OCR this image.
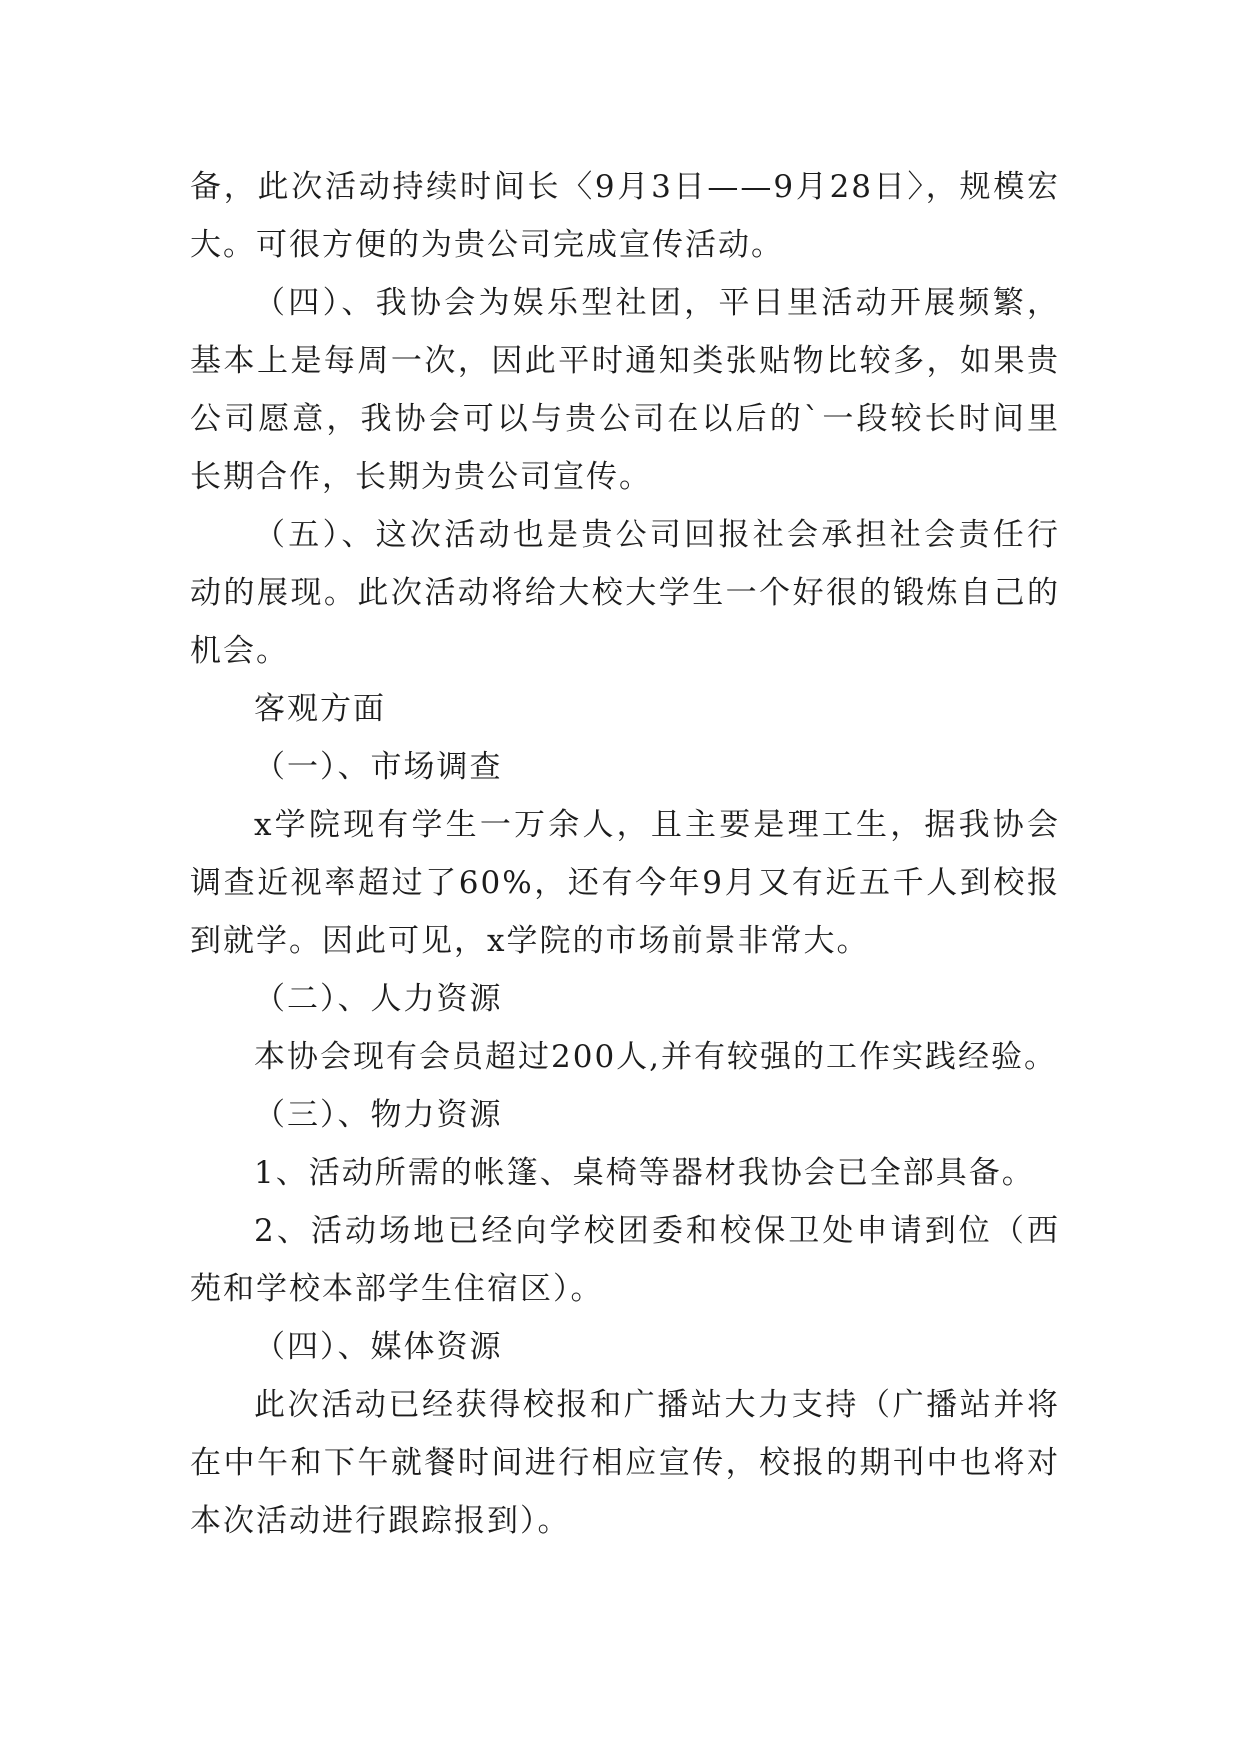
备，此次活动持续时间长〈9月3日——9月28日〉，规模宏大。可很方便的为贵公司完成宣传活动。

（四）、我协会为娱乐型社团，平日里活动开展频繁，基本上是每周一次，因此平时通知类张贴物比较多，如果贵公司愿意，我协会可以与贵公司在以后的`一段较长时间里长期合作，长期为贵公司宣传。

（五）、这次活动也是贵公司回报社会承担社会责任行动的展现。此次活动将给大校大学生一个好很的锻炼自己的机会。

客观方面

（一）、市场调查

x学院现有学生一万余人，且主要是理工生，据我协会调查近视率超过了60%，还有今年9月又有近五千人到校报到就学。因此可见，x学院的市场前景非常大。

（二）、人力资源

本协会现有会员超过200人,并有较强的工作实践经验。

（三）、物力资源

1、活动所需的帐篷、桌椅等器材我协会已全部具备。

2、活动场地已经向学校团委和校保卫处申请到位（西苑和学校本部学生住宿区）。

（四）、媒体资源

此次活动已经获得校报和广播站大力支持（广播站并将在中午和下午就餐时间进行相应宣传，校报的期刊中也将对本次活动进行跟踪报到）。
